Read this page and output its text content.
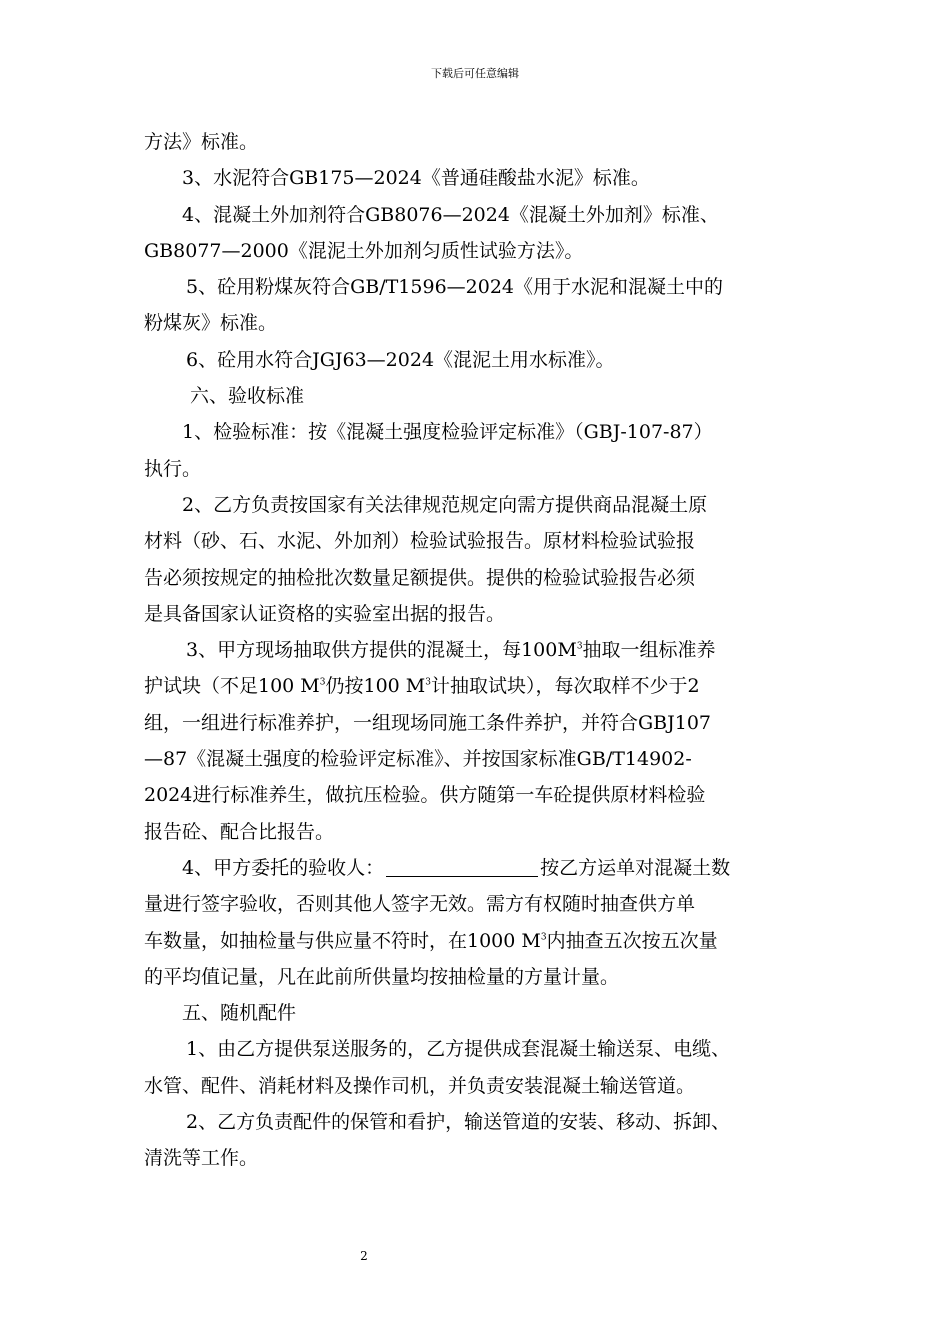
下载后可任意编辑

方法》标准。

3、水泥符合GB175—2024《普通硅酸盐水泥》标准。

4、混凝土外加剂符合GB8076—2024《混凝土外加剂》标准、

GB8077—2000《混泥土外加剂匀质性试验方法》。

5、砼用粉煤灰符合GB/T1596—2024《用于水泥和混凝土中的

粉煤灰》标准。

6、砼用水符合JGJ63—2024《混泥土用水标准》。

六、验收标准

1、检验标准：按《混凝土强度检验评定标准》（GBJ-107-87）

执行。

2、乙方负责按国家有关法律规范规定向需方提供商品混凝土原

材料（砂、石、水泥、外加剂）检验试验报告。原材料检验试验报

告必须按规定的抽检批次数量足额提供。提供的检验试验报告必须

是具备国家认证资格的实验室出据的报告。

3、甲方现场抽取供方提供的混凝土，每$100M^3$抽取一组标准养

护试块（不足100 $M^3$仍按100 $M^3$计抽取试块），每次取样不少于2

组，一组进行标准养护，一组现场同施工条件养护，并符合GBJ107

—87《混凝土强度的检验评定标准》、并按国家标准GB/T14902-

2024进行标准养生，做抗压检验。供方随第一车砼提供原材料检验

报告砼、配合比报告。

4、甲方委托的验收人：	按乙方运单对混凝土数

量进行签字验收，否则其他人签字无效。需方有权随时抽查供方单

车数量，如抽检量与供应量不符时，在1000 $M^3$内抽查五次按五次量

的平均值记量，凡在此前所供量均按抽检量的方量计量。

五、随机配件

1、由乙方提供泵送服务的，乙方提供成套混凝土输送泵、电缆、

水管、配件、消耗材料及操作司机，并负责安装混凝土输送管道。

2、乙方负责配件的保管和看护，输送管道的安装、移动、拆卸、

清洗等工作。

2
